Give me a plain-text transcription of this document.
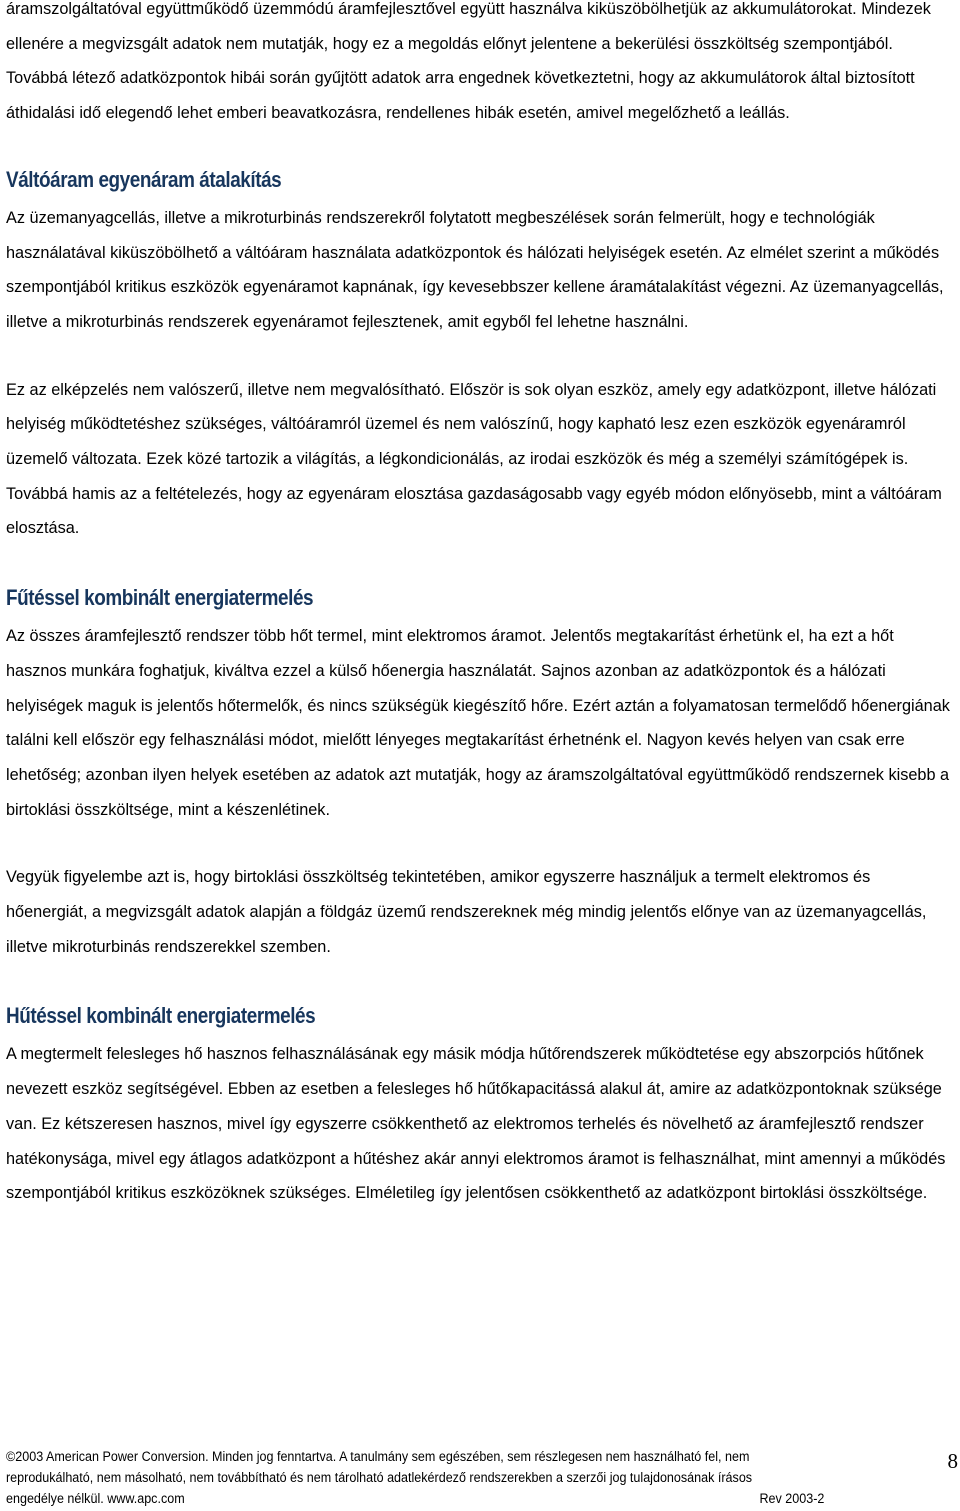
áramszolgáltatóval együttműködő üzemmódú áramfejlesztővel együtt használva kiküszöbölhetjük az akkumulátorokat. Mindezek ellenére a megvizsgált adatok nem mutatják, hogy ez a megoldás előnyt jelentene a bekerülési összköltség szempontjából. Továbbá létező adatközpontok hibái során gyűjtött adatok arra engednek következtetni, hogy az akkumulátorok által biztosított áthidalási idő elegendő lehet emberi beavatkozásra, rendellenes hibák esetén, amivel megelőzhető a leállás.

Váltóáram egyenáram átalakítás

Az üzemanyagcellás, illetve a mikroturbinás rendszerekről folytatott megbeszélések során felmerült, hogy e technológiák használatával kiküszöbölhető a váltóáram használata adatközpontok és hálózati helyiségek esetén. Az elmélet szerint a működés szempontjából kritikus eszközök egyenáramot kapnának, így kevesebbszer kellene áramátalakítást végezni. Az üzemanyagcellás, illetve a mikroturbinás rendszerek egyenáramot fejlesztenek, amit egyből fel lehetne használni.

Ez az elképzelés nem valószerű, illetve nem megvalósítható. Először is sok olyan eszköz, amely egy adatközpont, illetve hálózati helyiség működtetéshez szükséges, váltóáramról üzemel és nem valószínű, hogy kapható lesz ezen eszközök egyenáramról üzemelő változata. Ezek közé tartozik a világítás, a légkondicionálás, az irodai eszközök és még a személyi számítógépek is. Továbbá hamis az a feltételezés, hogy az egyenáram elosztása gazdaságosabb vagy egyéb módon előnyösebb, mint a váltóáram elosztása.

Fűtéssel kombinált energiatermelés

Az összes áramfejlesztő rendszer több hőt termel, mint elektromos áramot. Jelentős megtakarítást érhetünk el, ha ezt a hőt hasznos munkára foghatjuk, kiváltva ezzel a külső hőenergia használatát. Sajnos azonban az adatközpontok és a hálózati helyiségek maguk is jelentős hőtermelők, és nincs szükségük kiegészítő hőre. Ezért aztán a folyamatosan termelődő hőenergiának találni kell először egy felhasználási módot, mielőtt lényeges megtakarítást érhetnénk el. Nagyon kevés helyen van csak erre lehetőség; azonban ilyen helyek esetében az adatok azt mutatják, hogy az áramszolgáltatóval együttműködő rendszernek kisebb a birtoklási összköltsége, mint a készenlétinek.

Vegyük figyelembe azt is, hogy birtoklási összköltség tekintetében, amikor egyszerre használjuk a termelt elektromos és hőenergiát, a megvizsgált adatok alapján a földgáz üzemű rendszereknek még mindig jelentős előnye van az üzemanyagcellás, illetve mikroturbinás rendszerekkel szemben.

Hűtéssel kombinált energiatermelés

A megtermelt felesleges hő hasznos felhasználásának egy másik módja hűtőrendszerek működtetése egy abszorpciós hűtőnek nevezett eszköz segítségével. Ebben az esetben a felesleges hő hűtőkapacitássá alakul át, amire az adatközpontoknak szüksége van. Ez kétszeresen hasznos, mivel így egyszerre csökkenthető az elektromos terhelés és növelhető az áramfejlesztő rendszer hatékonysága, mivel egy átlagos adatközpont a hűtéshez akár annyi elektromos áramot is felhasználhat, mint amennyi a működés szempontjából kritikus eszközöknek szükséges. Elméletileg így jelentősen csökkenthető az adatközpont birtoklási összköltsége.

©2003 American Power Conversion. Minden jog fenntartva. A tanulmány sem egészében, sem részlegesen nem használható fel, nem
reprodukálható, nem másolható, nem továbbítható és nem tárolható adatlekérdező rendszerekben a szerzői jog tulajdonosának írásos
engedélye nélkül. www.apc.com	Rev 2003-2
8
